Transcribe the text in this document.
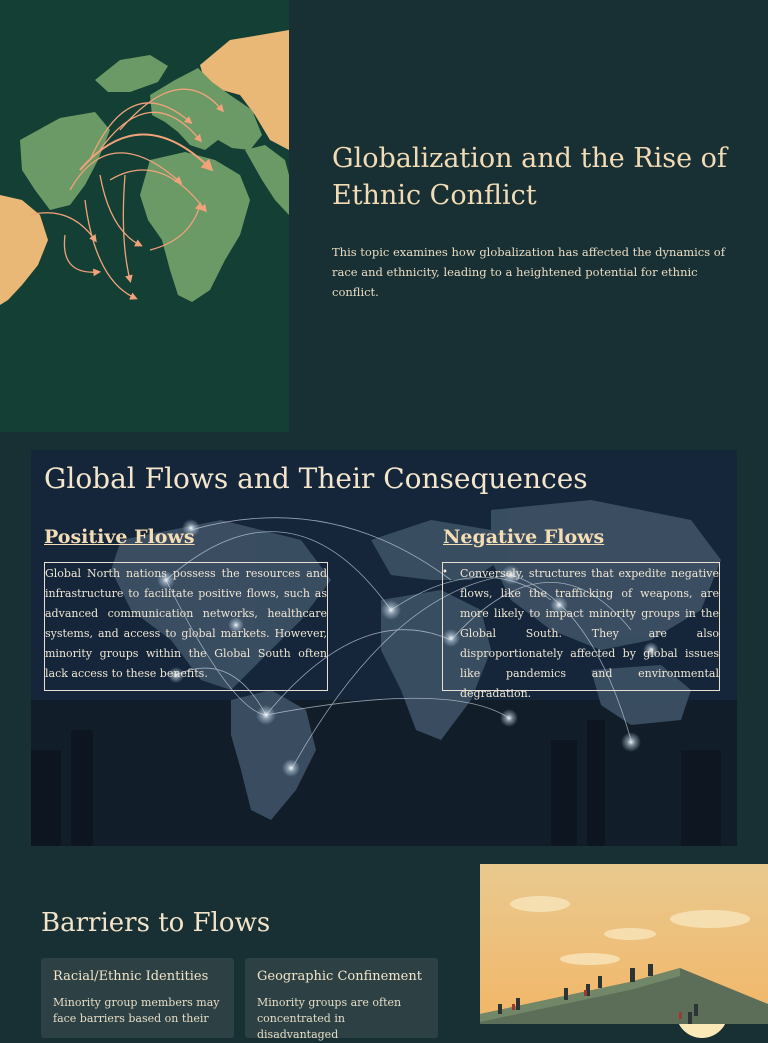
Globalization and the Rise of Ethnic Conflict

This topic examines how globalization has affected the dynamics of race and ethnicity, leading to a heightened potential for ethnic conflict.

Global Flows and Their Consequences
Positive Flows
Global North nations possess the resources and infrastructure to facilitate positive flows, such as advanced communication networks, healthcare systems, and access to global markets. However, minority groups within the Global South often lack access to these benefits.
Negative Flows
• Conversely, structures that expedite negative flows, like the trafficking of weapons, are more likely to impact minority groups in the Global South. They are also disproportionately affected by global issues like pandemics and environmental degradation.
Barriers to Flows
Racial/Ethnic Identities
Minority group members may face barriers based on their
Geographic Confinement
Minority groups are often concentrated in disadvantaged
